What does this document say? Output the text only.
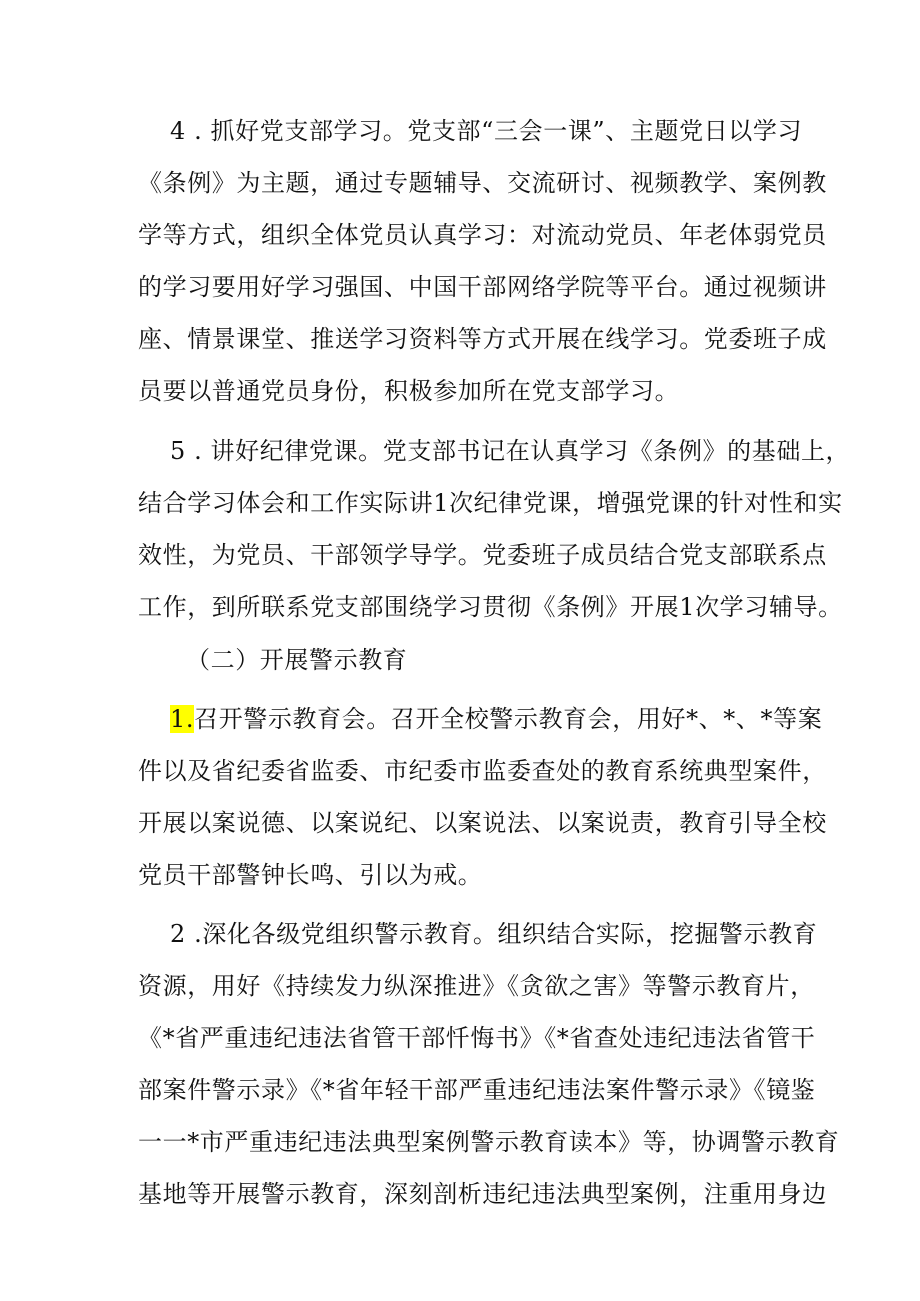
4 . 抓好党支部学习。党支部“三会一课”、主题党日以学习
《条例》为主题，通过专题辅导、交流研讨、视频教学、案例教
学等方式，组织全体党员认真学习：对流动党员、年老体弱党员
的学习要用好学习强国、中国干部网络学院等平台。通过视频讲
座、情景课堂、推送学习资料等方式开展在线学习。党委班子成
员要以普通党员身份，积极参加所在党支部学习。
5 . 讲好纪律党课。党支部书记在认真学习《条例》的基础上，
结合学习体会和工作实际讲1次纪律党课，增强党课的针对性和实
效性，为党员、干部领学导学。党委班子成员结合党支部联系点
工作，到所联系党支部围绕学习贯彻《条例》开展1次学习辅导。
（二）开展警示教育
1.召开警示教育会。召开全校警示教育会，用好*、*、*等案
件以及省纪委省监委、市纪委市监委查处的教育系统典型案件，
开展以案说德、以案说纪、以案说法、以案说责，教育引导全校
党员干部警钟长鸣、引以为戒。
2 .深化各级党组织警示教育。组织结合实际，挖掘警示教育
资源，用好《持续发力纵深推进》《贪欲之害》等警示教育片，
《*省严重违纪违法省管干部忏悔书》《*省查处违纪违法省管干
部案件警示录》《*省年轻干部严重违纪违法案件警示录》《镜鉴
一一*市严重违纪违法典型案例警示教育读本》等，协调警示教育
基地等开展警示教育，深刻剖析违纪违法典型案例，注重用身边
